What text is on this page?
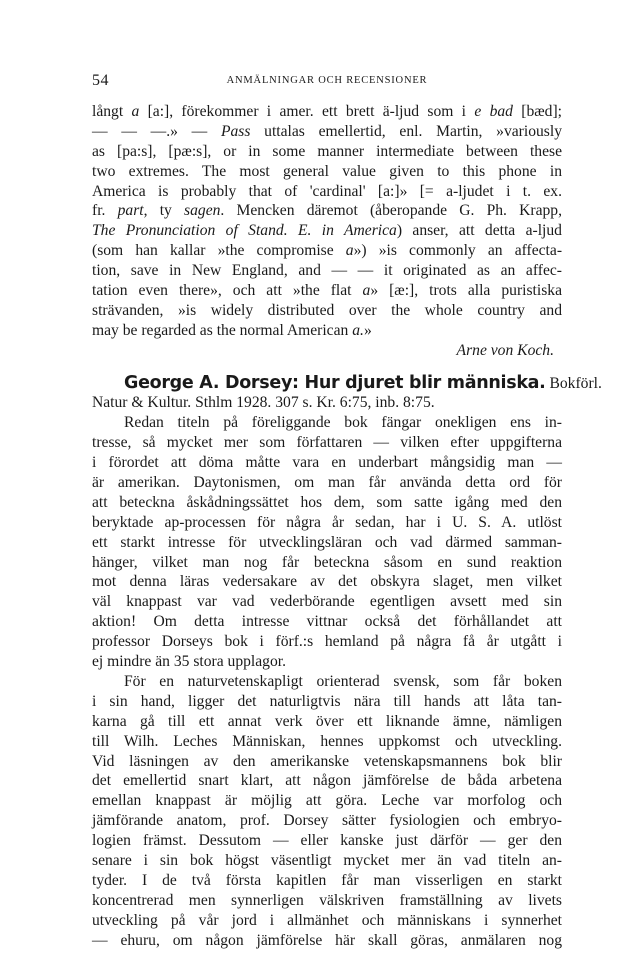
54	ANMÄLNINGAR OCH RECENSIONER
långt a [a:], förekommer i amer. ett brett ä-ljud som i e bad [bæd];
— — —.» — Pass uttalas emellertid, enl. Martin, »variously
as [pa:s], [pæ:s], or in some manner intermediate between these
two extremes. The most general value given to this phone in
America is probably that of 'cardinal' [a:]» [= a-ljudet i t. ex.
fr. part, ty sagen. Mencken däremot (åberopande G. Ph. Krapp,
The Pronunciation of Stand. E. in America) anser, att detta a-ljud
(som han kallar »the compromise a») »is commonly an affecta-
tion, save in New England, and — — it originated as an affec-
tation even there», och att »the flat a» [æ:], trots alla puristiska
strävanden, »is widely distributed over the whole country and
may be regarded as the normal American a.»
Arne von Koch.
George A. Dorsey: Hur djuret blir människa. Bokförl.
Natur & Kultur. Sthlm 1928. 307 s. Kr. 6:75, inb. 8:75.
Redan titeln på föreliggande bok fängar onekligen ens in-
tresse, så mycket mer som författaren — vilken efter uppgifterna
i förordet att döma måtte vara en underbart mångsidig man —
är amerikan. Daytonismen, om man får använda detta ord för
att beteckna åskådningssättet hos dem, som satte igång med den
beryktade ap-processen för några år sedan, har i U. S. A. utlöst
ett starkt intresse för utvecklingsläran och vad därmed samman-
hänger, vilket man nog får beteckna såsom en sund reaktion
mot denna läras vedersakare av det obskyra slaget, men vilket
väl knappast var vad vederbörande egentligen avsett med sin
aktion! Om detta intresse vittnar också det förhållandet att
professor Dorseys bok i förf.:s hemland på några få år utgått i
ej mindre än 35 stora upplagor.
För en naturvetenskapligt orienterad svensk, som får boken
i sin hand, ligger det naturligtvis nära till hands att låta tan-
karna gå till ett annat verk över ett liknande ämne, nämligen
till Wilh. Leches Människan, hennes uppkomst och utveckling.
Vid läsningen av den amerikanske vetenskapsmannens bok blir
det emellertid snart klart, att någon jämförelse de båda arbetena
emellan knappast är möjlig att göra. Leche var morfolog och
jämförande anatom, prof. Dorsey sätter fysiologien och embryo-
logien främst. Dessutom — eller kanske just därför — ger den
senare i sin bok högst väsentligt mycket mer än vad titeln an-
tyder. I de två första kapitlen får man visserligen en starkt
koncentrerad men synnerligen välskriven framställning av livets
utveckling på vår jord i allmänhet och människans i synnerhet
— ehuru, om någon jämförelse här skall göras, anmälaren nog
